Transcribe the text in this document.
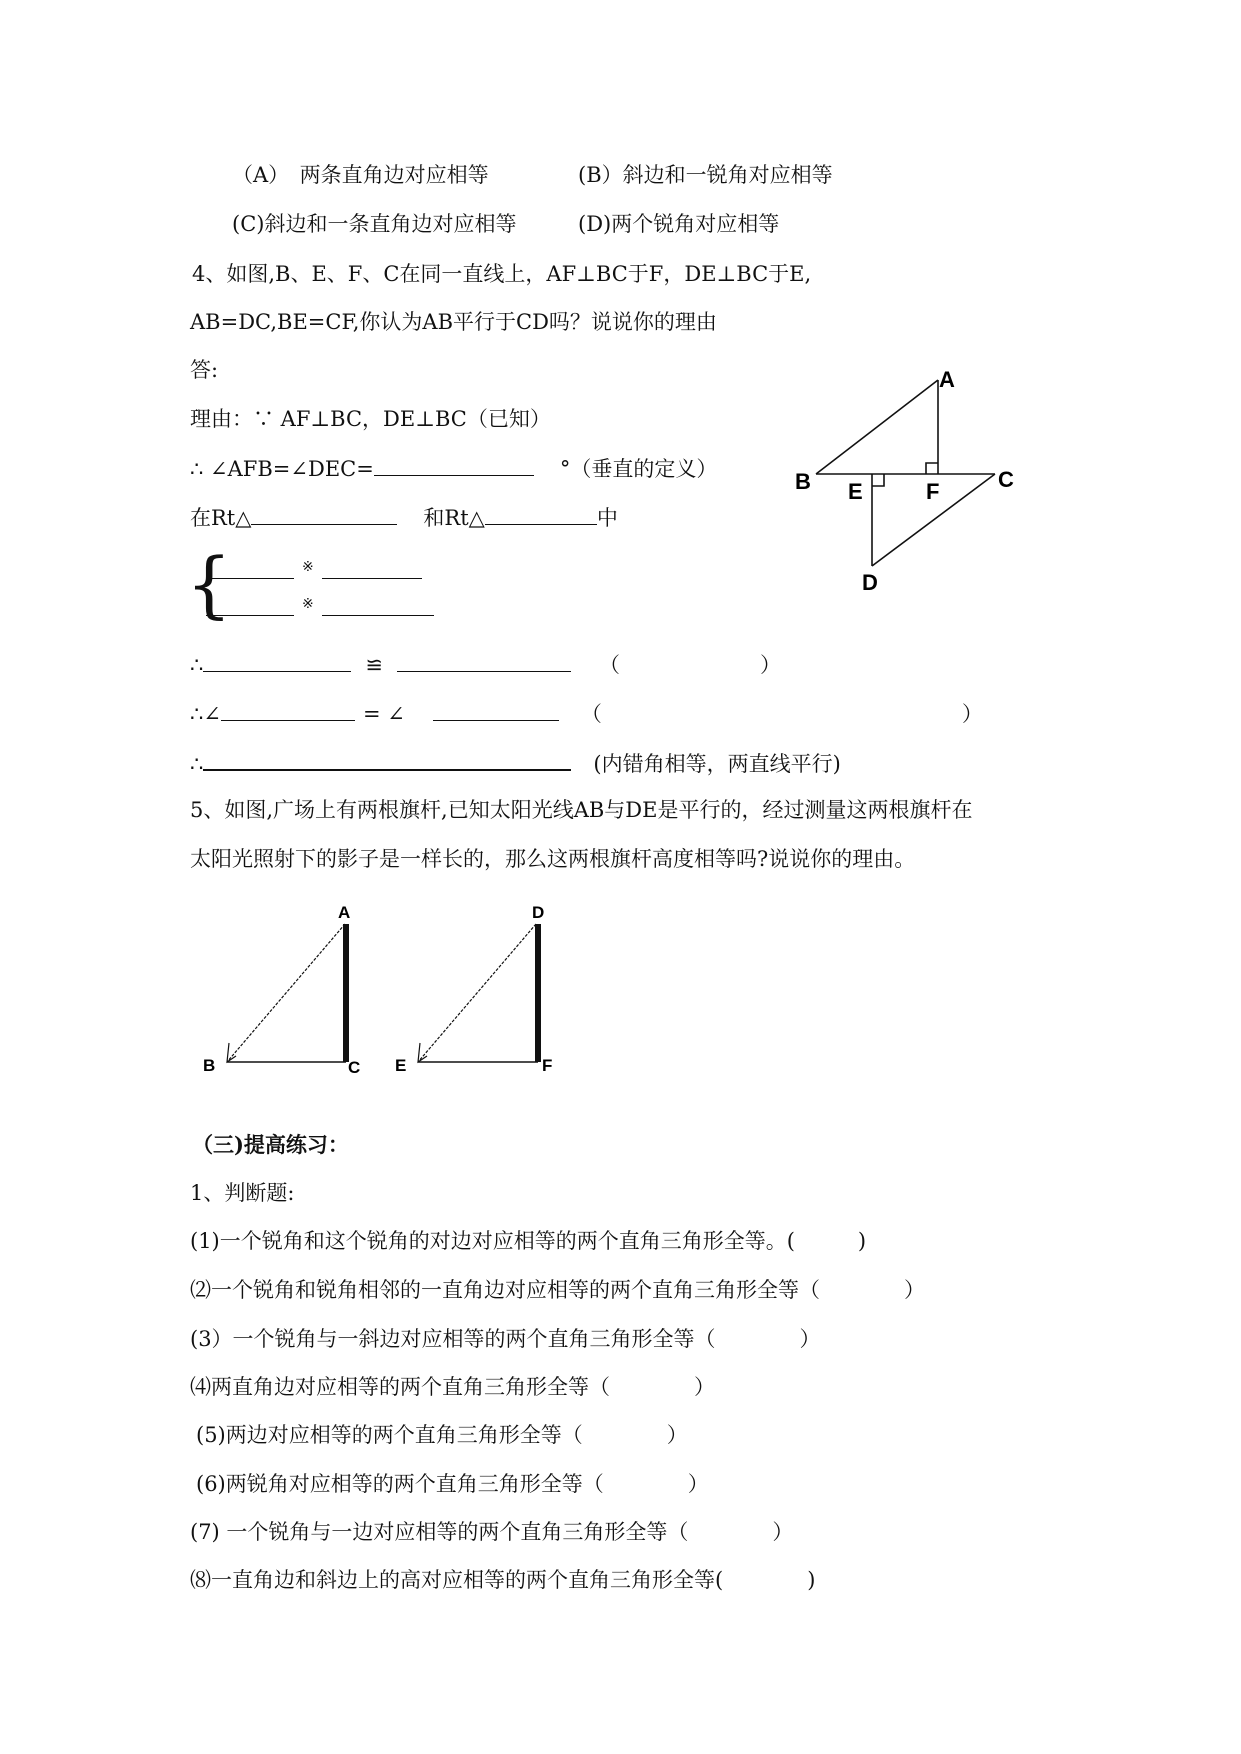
（A）　两条直角边对应相等	(B）斜边和一锐角对应相等
(C)斜边和一条直角边对应相等	(D)两个锐角对应相等
4、如图,B、E、F、C在同一直线上，AF⊥BC于F，DE⊥BC于E,
AB=DC,BE=CF,你认为AB平行于CD吗？说说你的理由
答:
理由：∵ AF⊥BC，DE⊥BC（已知）
∴ ∠AFB=∠DEC=	°（垂直的定义）
在Rt△	和Rt△	中
{	※
※
∴	≌	（	）
∴∠	= ∠	（	）
∴	(内错角相等，两直线平行)
A
B	C
D
E	F
5、如图,广场上有两根旗杆,已知太阳光线AB与DE是平行的，经过测量这两根旗杆在
太阳光照射下的影子是一样长的，那么这两根旗杆高度相等吗?说说你的理由。
A
B	C
D
E	F
（三)提高练习：
1、判断题:
(1)一个锐角和这个锐角的对边对应相等的两个直角三角形全等。(　　　)
⑵一个锐角和锐角相邻的一直角边对应相等的两个直角三角形全等（　　　　）
(3）一个锐角与一斜边对应相等的两个直角三角形全等（　　　　）
⑷两直角边对应相等的两个直角三角形全等（　　　　）
(5)两边对应相等的两个直角三角形全等（　　　　）
(6)两锐角对应相等的两个直角三角形全等（　　　　）
(7) 一个锐角与一边对应相等的两个直角三角形全等（　　　　）
⑻一直角边和斜边上的高对应相等的两个直角三角形全等(　　　　)
